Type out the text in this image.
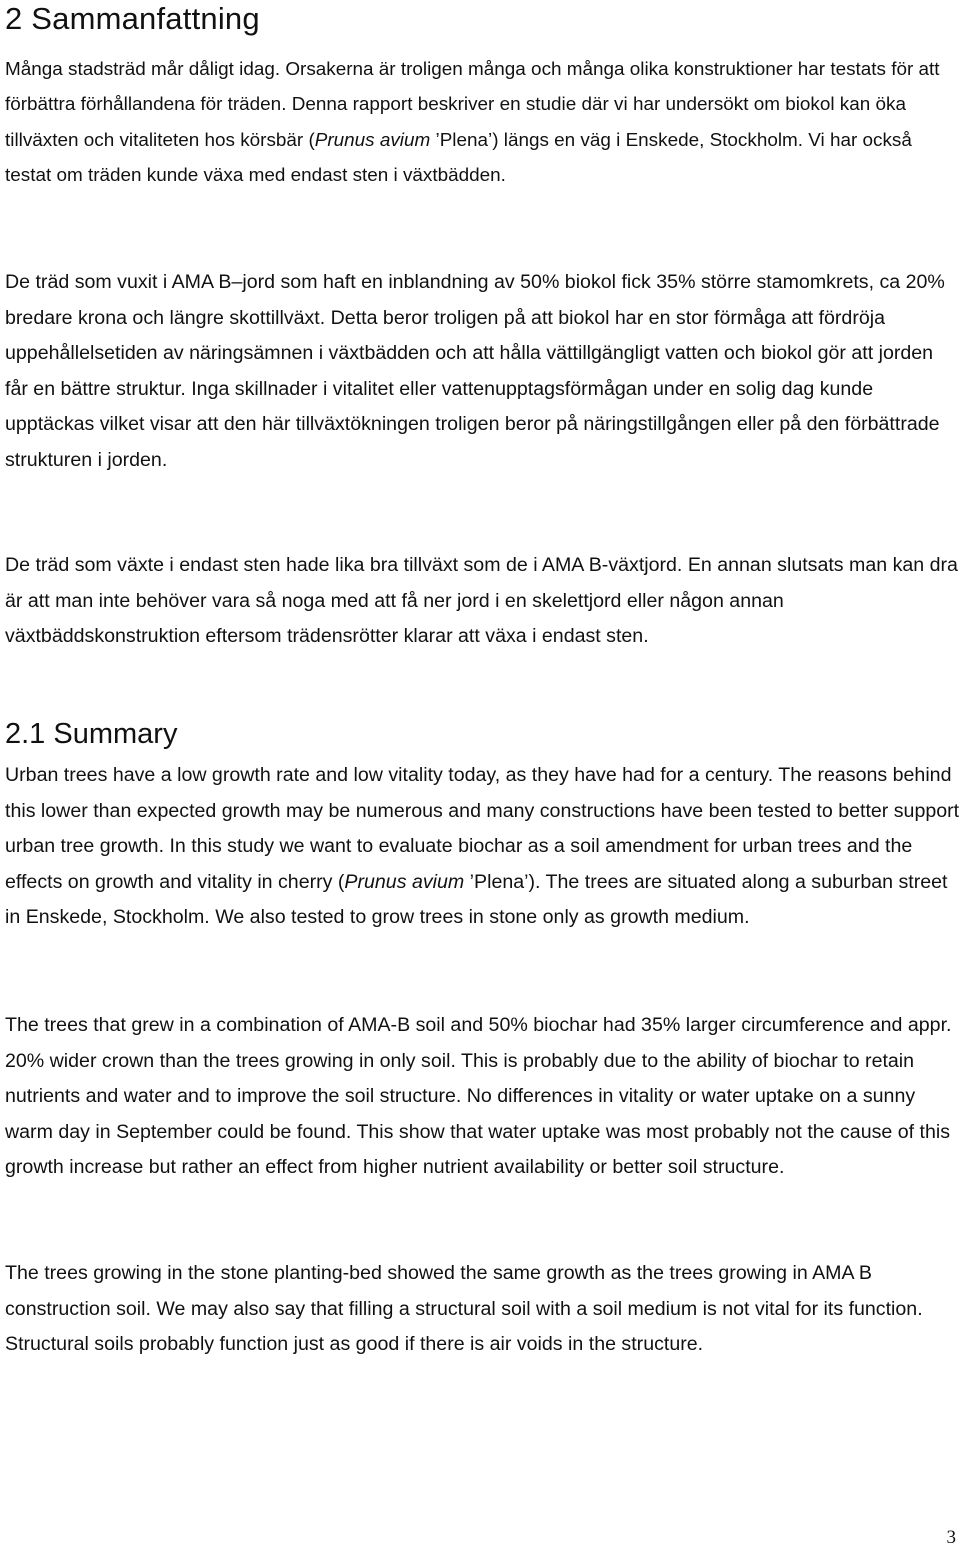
2 Sammanfattning

Många stadsträd mår dåligt idag. Orsakerna är troligen många och många olika konstruktioner har testats för att förbättra förhållandena för träden. Denna rapport beskriver en studie där vi har undersökt om biokol kan öka tillväxten och vitaliteten hos körsbär (Prunus avium ’Plena’) längs en väg i Enskede, Stockholm. Vi har också testat om träden kunde växa med endast sten i växtbädden.

De träd som vuxit i AMA B–jord som haft en inblandning av 50% biokol fick 35% större stamomkrets, ca 20% bredare krona och längre skottillväxt. Detta beror troligen på att biokol har en stor förmåga att fördröja uppehållelsetiden av näringsämnen i växtbädden och att hålla vättillgängligt vatten och biokol gör att jorden får en bättre struktur. Inga skillnader i vitalitet eller vattenupptagsförmågan under en solig dag kunde upptäckas vilket visar att den här tillväxtökningen troligen beror på näringstillgången eller på den förbättrade strukturen i jorden.

De träd som växte i endast sten hade lika bra tillväxt som de i AMA B-växtjord. En annan slutsats man kan dra är att man inte behöver vara så noga med att få ner jord i en skelettjord eller någon annan växtbäddskonstruktion eftersom trädensrötter klarar att växa i endast sten.

2.1 Summary

Urban trees have a low growth rate and low vitality today, as they have had for a century. The reasons behind this lower than expected growth may be numerous and many constructions have been tested to better support urban tree growth. In this study we want to evaluate biochar as a soil amendment for urban trees and the effects on growth and vitality in cherry (Prunus avium ’Plena’). The trees are situated along a suburban street in Enskede, Stockholm. We also tested to grow trees in stone only as growth medium.

The trees that grew in a combination of AMA-B soil and 50% biochar had 35% larger circumference and appr. 20% wider crown than the trees growing in only soil. This is probably due to the ability of biochar to retain nutrients and water and to improve the soil structure. No differences in vitality or water uptake on a sunny warm day in September could be found. This show that water uptake was most probably not the cause of this growth increase but rather an effect from higher nutrient availability or better soil structure.

The trees growing in the stone planting-bed showed the same growth as the trees growing in AMA B construction soil. We may also say that filling a structural soil with a soil medium is not vital for its function. Structural soils probably function just as good if there is air voids in the structure.

3
